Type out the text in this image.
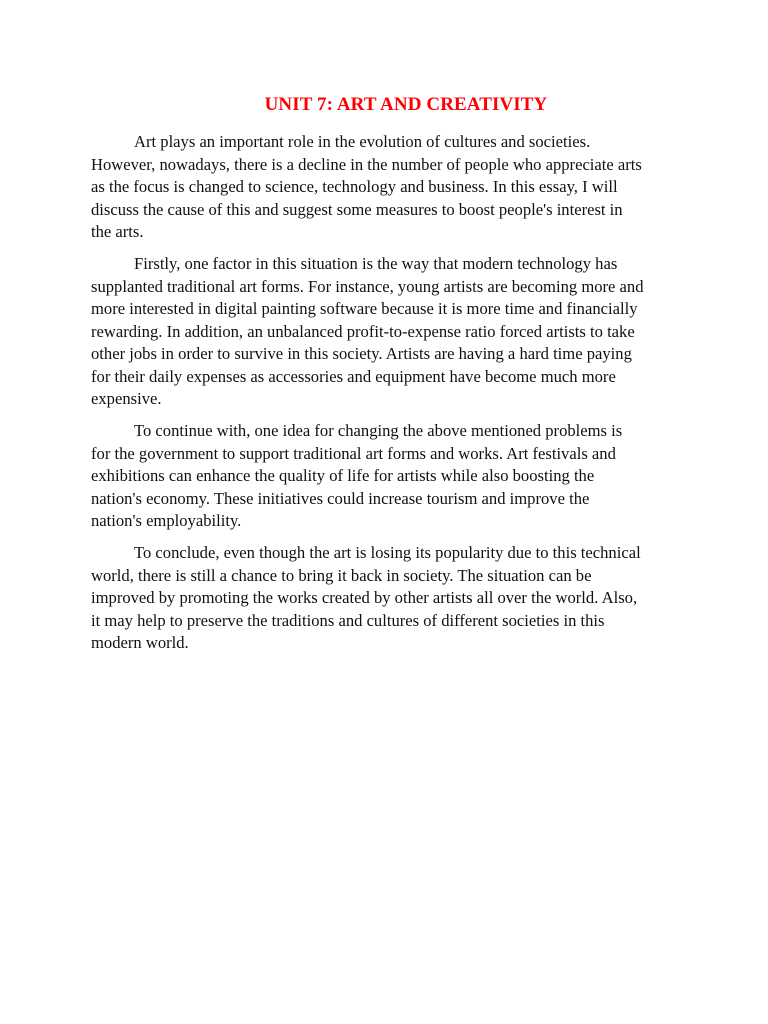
UNIT 7: ART AND CREATIVITY

Art plays an important role in the evolution of cultures and societies.
However, nowadays, there is a decline in the number of people who appreciate arts
as the focus is changed to science, technology and business. In this essay, I will
discuss the cause of this and suggest some measures to boost people's interest in
the arts.

Firstly, one factor in this situation is the way that modern technology has
supplanted traditional art forms. For instance, young artists are becoming more and
more interested in digital painting software because it is more time and financially
rewarding. In addition, an unbalanced profit-to-expense ratio forced artists to take
other jobs in order to survive in this society. Artists are having a hard time paying
for their daily expenses as accessories and equipment have become much more
expensive.

To continue with, one idea for changing the above mentioned problems is
for the government to support traditional art forms and works. Art festivals and
exhibitions can enhance the quality of life for artists while also boosting the
nation's economy. These initiatives could increase tourism and improve the
nation's employability.

To conclude, even though the art is losing its popularity due to this technical
world, there is still a chance to bring it back in society. The situation can be
improved by promoting the works created by other artists all over the world. Also,
it may help to preserve the traditions and cultures of different societies in this
modern world.
